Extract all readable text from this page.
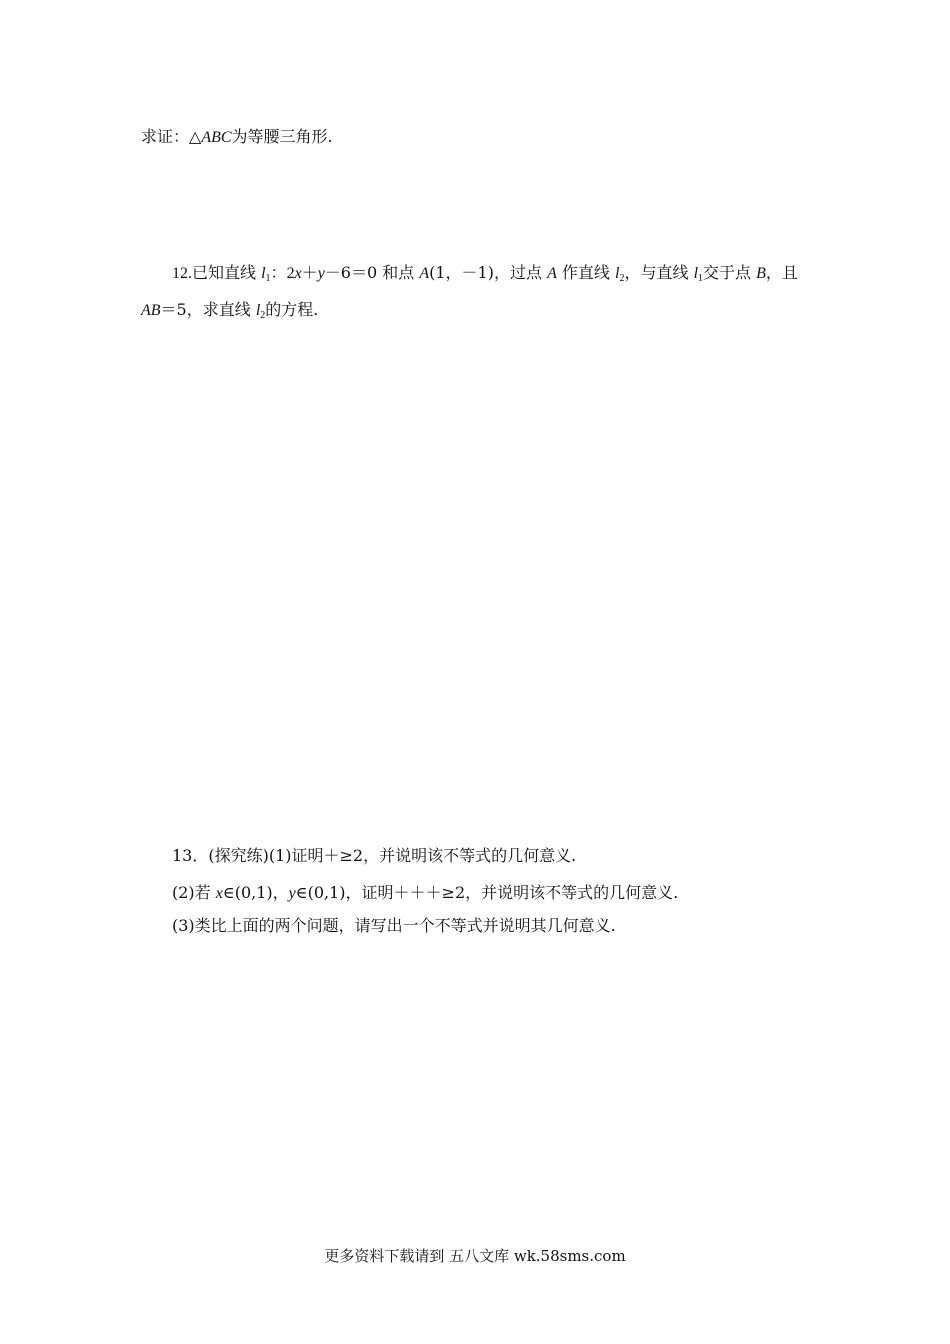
求证：△ABC为等腰三角形.
12.已知直线 $l_1$：2x＋y－6＝0 和点 A(1，－1)，过点 A 作直线 $l_2$，与直线 $l_1$交于点 B，且
AB＝5，求直线 $l_2$的方程.
13．(探究练)(1)证明＋≥2，并说明该不等式的几何意义.
(2)若 x∈(0,1)，y∈(0,1)，证明＋＋＋≥2，并说明该不等式的几何意义.
(3)类比上面的两个问题，请写出一个不等式并说明其几何意义.
更多资料下载请到 五八文库 wk.58sms.com
